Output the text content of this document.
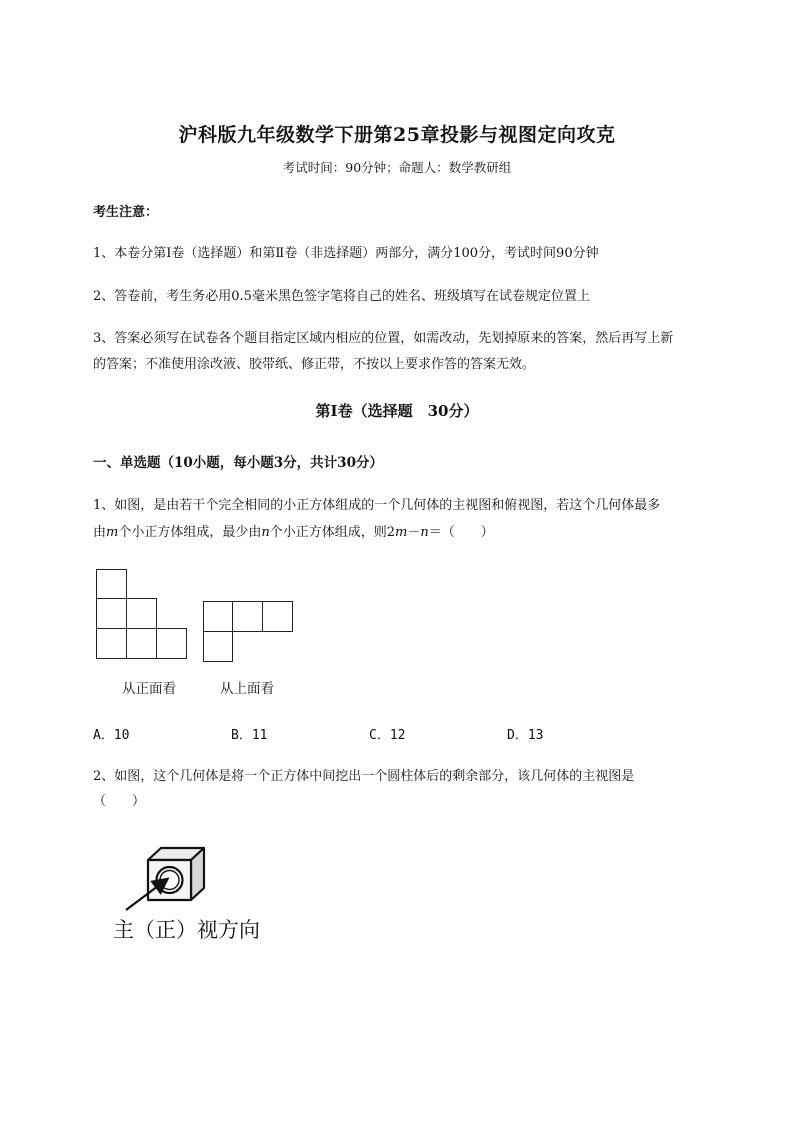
沪科版九年级数学下册第25章投影与视图定向攻克
考试时间：90分钟；命题人：数学教研组
考生注意：
1、本卷分第Ⅰ卷（选择题）和第Ⅱ卷（非选择题）两部分，满分100分，考试时间90分钟
2、答卷前，考生务必用0.5毫米黑色签字笔将自己的姓名、班级填写在试卷规定位置上
3、答案必须写在试卷各个题目指定区域内相应的位置，如需改动，先划掉原来的答案，然后再写上新
的答案；不准使用涂改液、胶带纸、修正带，不按以上要求作答的答案无效。
第Ⅰ卷（选择题　30分）
一、单选题（10小题，每小题3分，共计30分）
1、如图，是由若干个完全相同的小正方体组成的一个几何体的主视图和俯视图，若这个几何体最多
由m个小正方体组成，最少由n个小正方体组成，则2m－n＝（　　）
从正面看	从上面看
A．10	B．11	C．12	D．13
2、如图，这个几何体是将一个正方体中间挖出一个圆柱体后的剩余部分，该几何体的主视图是
（　　）
主（正）视方向
